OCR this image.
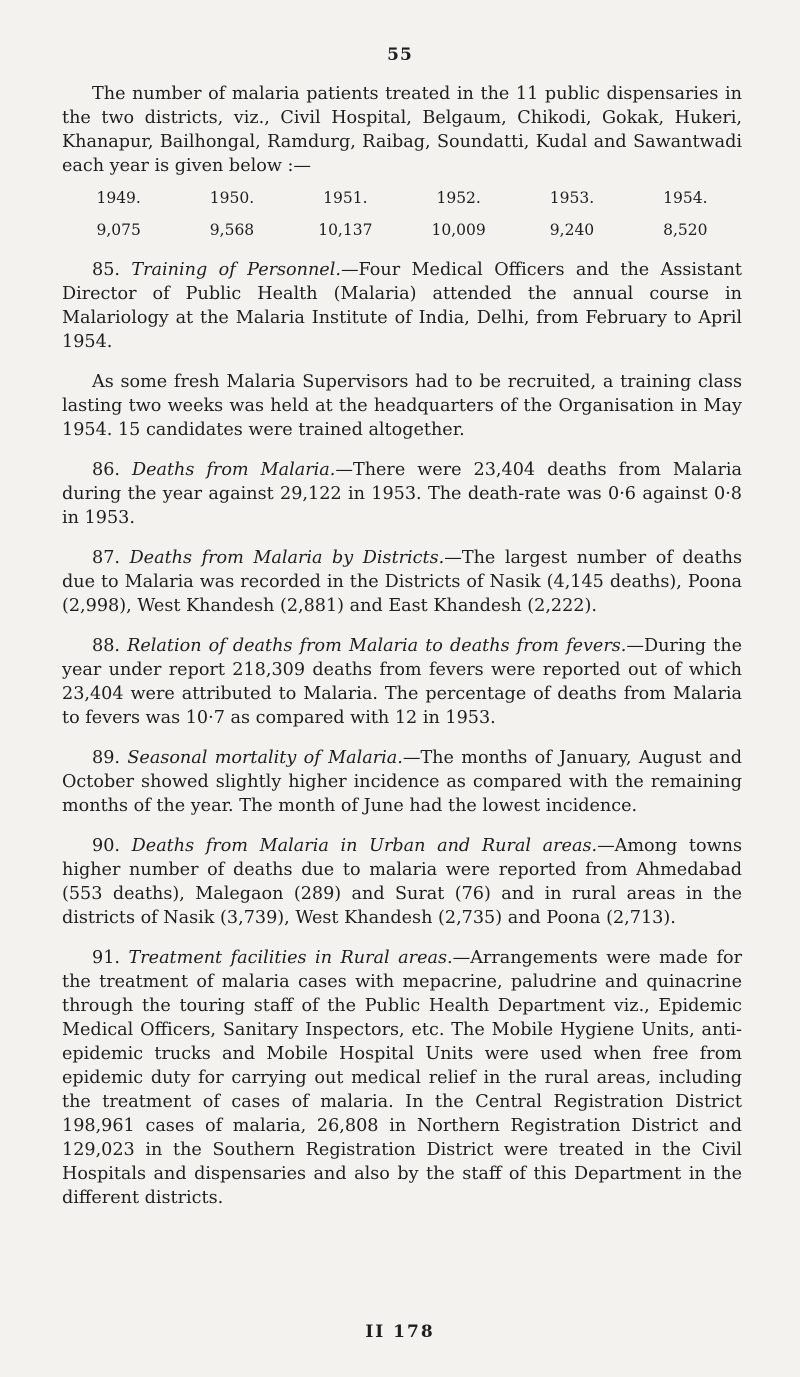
55

The number of malaria patients treated in the 11 public dispensaries in the two districts, viz., Civil Hospital, Belgaum, Chikodi, Gokak, Hukeri, Khanapur, Bailhongal, Ramdurg, Raibag, Soundatti, Kudal and Sawantwadi each year is given below :—

1949.	1950.	1951.	1952.	1953.	1954.
9,075	9,568	10,137	10,009	9,240	8,520

85. Training of Personnel.—Four Medical Officers and the Assistant Director of Public Health (Malaria) attended the annual course in Malariology at the Malaria Institute of India, Delhi, from February to April 1954.

As some fresh Malaria Supervisors had to be recruited, a training class lasting two weeks was held at the headquarters of the Organisation in May 1954. 15 candidates were trained altogether.

86. Deaths from Malaria.—There were 23,404 deaths from Malaria during the year against 29,122 in 1953. The death-rate was 0·6 against 0·8 in 1953.

87. Deaths from Malaria by Districts.—The largest number of deaths due to Malaria was recorded in the Districts of Nasik (4,145 deaths), Poona (2,998), West Khandesh (2,881) and East Khandesh (2,222).

88. Relation of deaths from Malaria to deaths from fevers.—During the year under report 218,309 deaths from fevers were reported out of which 23,404 were attributed to Malaria. The percentage of deaths from Malaria to fevers was 10·7 as compared with 12 in 1953.

89. Seasonal mortality of Malaria.—The months of January, August and October showed slightly higher incidence as compared with the remaining months of the year. The month of June had the lowest incidence.

90. Deaths from Malaria in Urban and Rural areas.—Among towns higher number of deaths due to malaria were reported from Ahmedabad (553 deaths), Malegaon (289) and Surat (76) and in rural areas in the districts of Nasik (3,739), West Khandesh (2,735) and Poona (2,713).

91. Treatment facilities in Rural areas.—Arrangements were made for the treatment of malaria cases with mepacrine, paludrine and quinacrine through the touring staff of the Public Health Department viz., Epidemic Medical Officers, Sanitary Inspectors, etc. The Mobile Hygiene Units, anti-epidemic trucks and Mobile Hospital Units were used when free from epidemic duty for carrying out medical relief in the rural areas, including the treatment of cases of malaria. In the Central Registration District 198,961 cases of malaria, 26,808 in Northern Registration District and 129,023 in the Southern Registration District were treated in the Civil Hospitals and dispensaries and also by the staff of this Department in the different districts.

II 178
